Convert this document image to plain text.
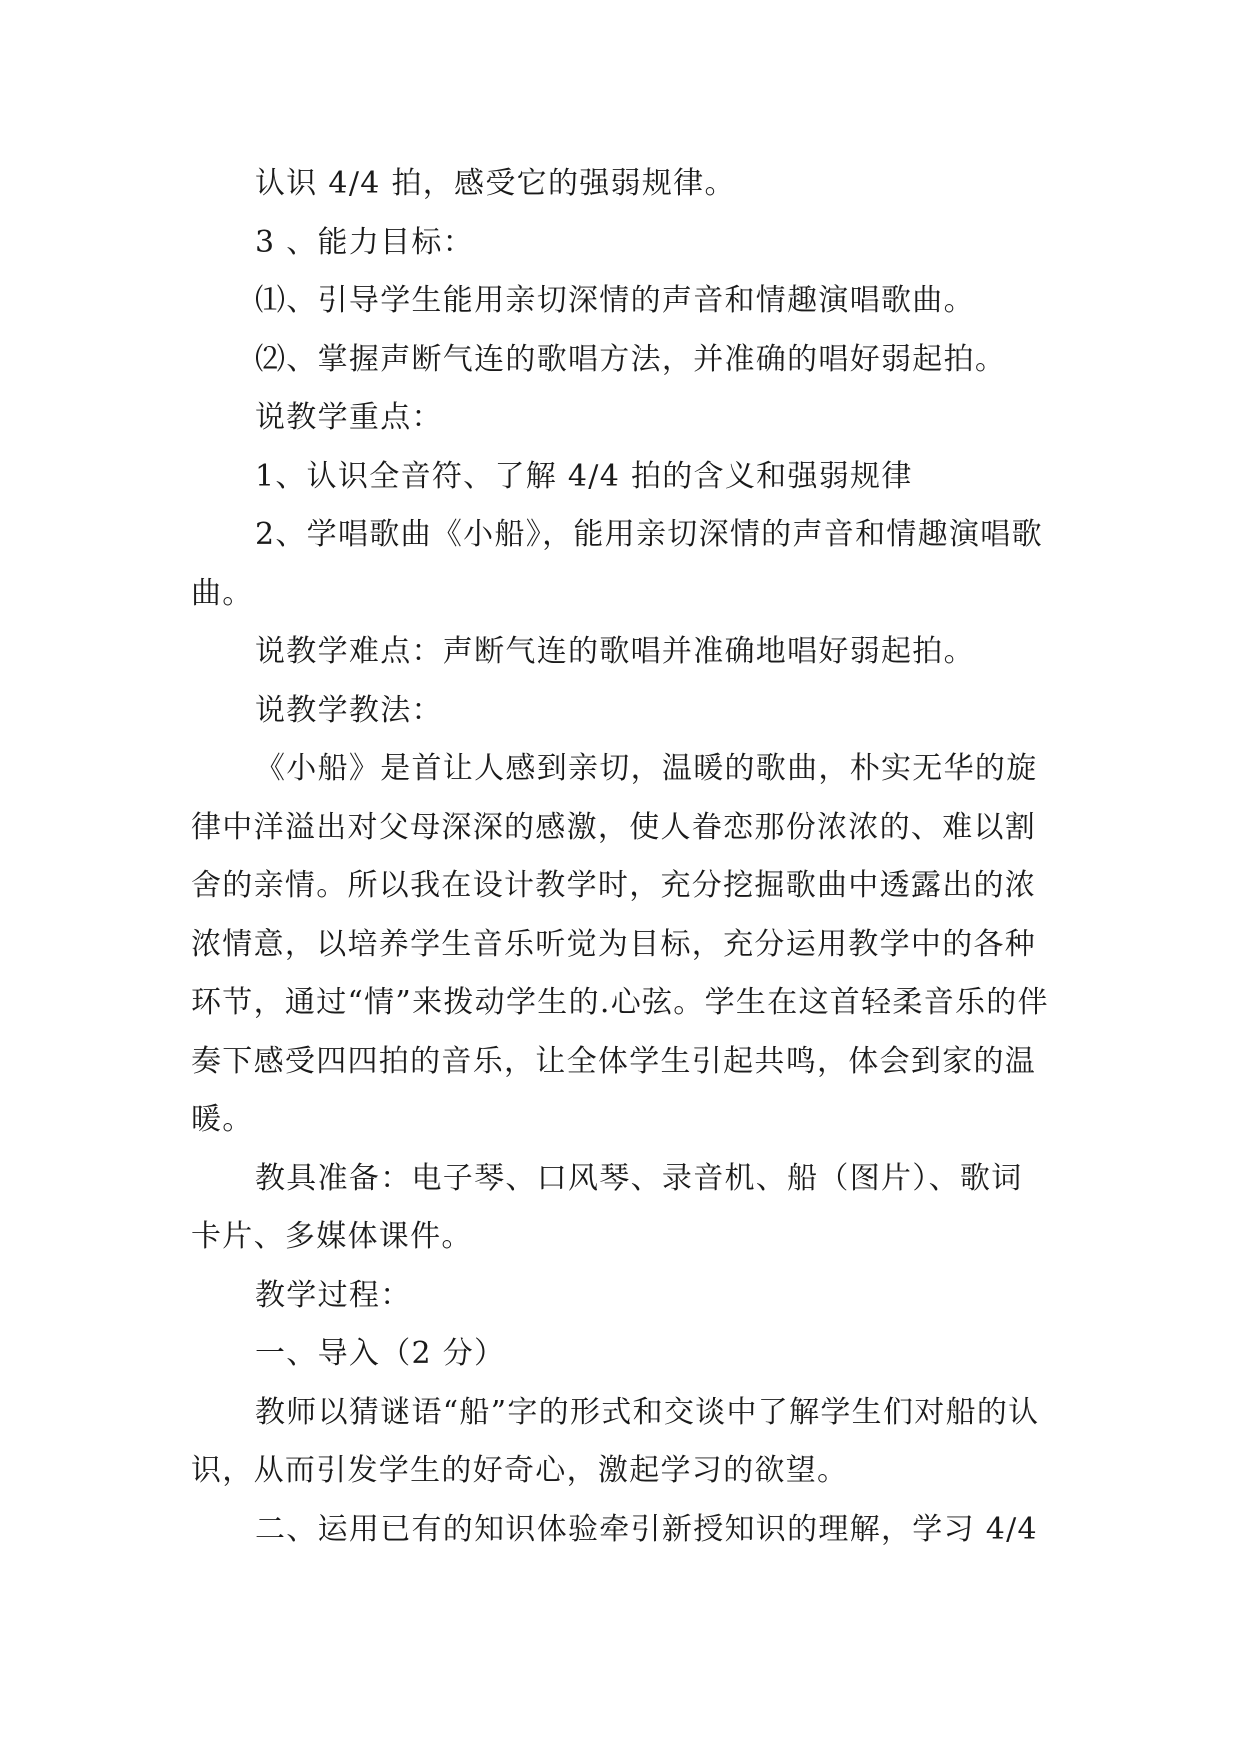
认识 4/4 拍，感受它的强弱规律。

3 、能力目标：

⑴、引导学生能用亲切深情的声音和情趣演唱歌曲。

⑵、掌握声断气连的歌唱方法，并准确的唱好弱起拍。

说教学重点：

1、认识全音符、了解 4/4 拍的含义和强弱规律

2、学唱歌曲《小船》，能用亲切深情的声音和情趣演唱歌曲。

说教学难点：声断气连的歌唱并准确地唱好弱起拍。

说教学教法：

《小船》是首让人感到亲切，温暖的歌曲，朴实无华的旋律中洋溢出对父母深深的感激，使人眷恋那份浓浓的、难以割舍的亲情。所以我在设计教学时，充分挖掘歌曲中透露出的浓浓情意，以培养学生音乐听觉为目标，充分运用教学中的各种环节，通过“情”来拨动学生的.心弦。学生在这首轻柔音乐的伴奏下感受四四拍的音乐，让全体学生引起共鸣，体会到家的温暖。

教具准备：电子琴、口风琴、录音机、船（图片）、歌词卡片、多媒体课件。

教学过程：

一、导入（2 分）

教师以猜谜语“船”字的形式和交谈中了解学生们对船的认识，从而引发学生的好奇心，激起学习的欲望。

二、运用已有的知识体验牵引新授知识的理解，学习 4/4
